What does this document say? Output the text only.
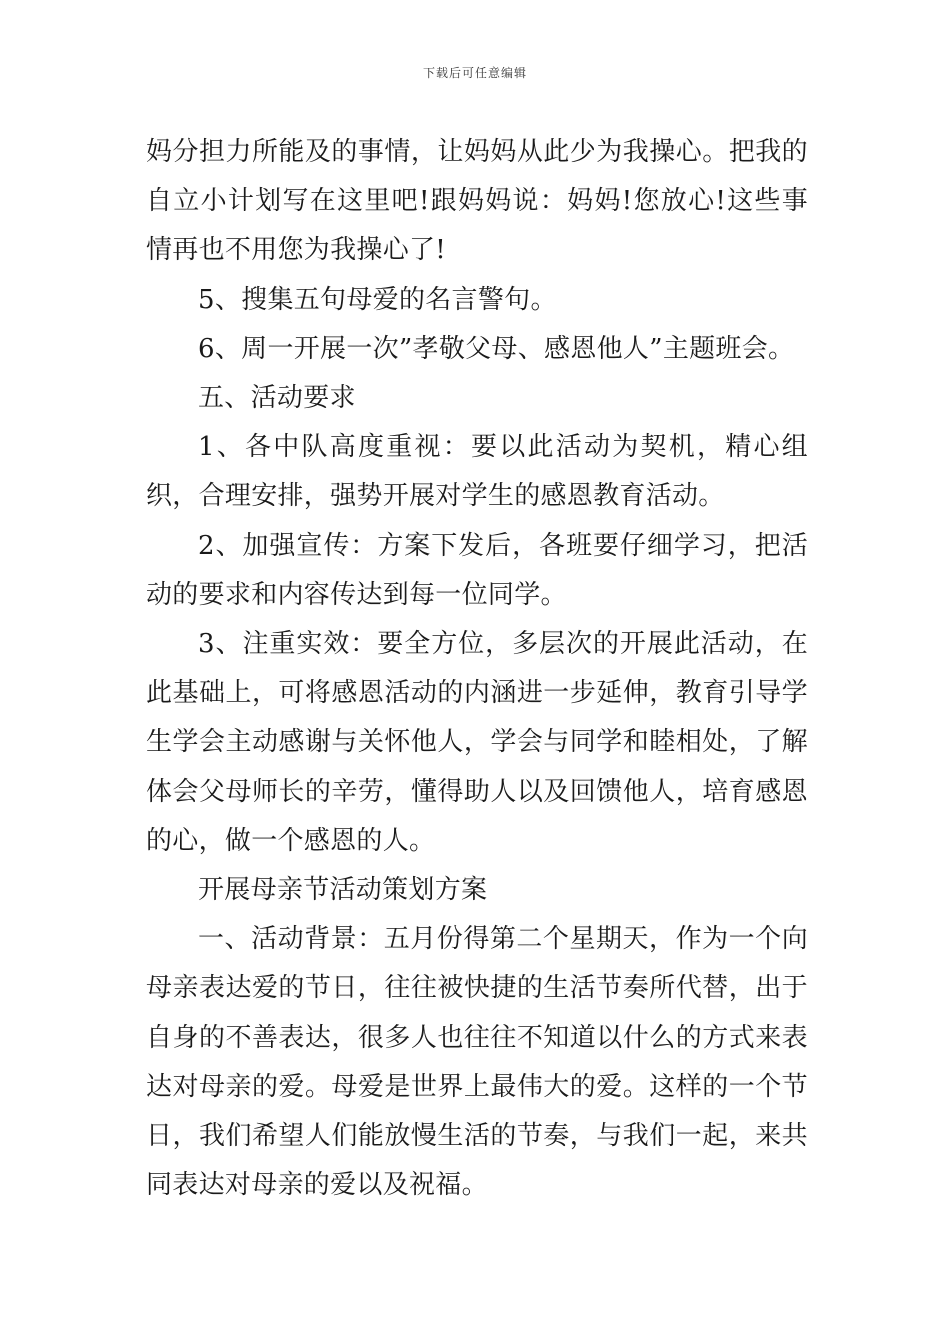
下载后可任意编辑

妈分担力所能及的事情，让妈妈从此少为我操心。把我的自立小计划写在这里吧!跟妈妈说：妈妈!您放心!这些事情再也不用您为我操心了!

5、搜集五句母爱的名言警句。

6、周一开展一次”孝敬父母、感恩他人”主题班会。

五、活动要求

1、各中队高度重视：要以此活动为契机，精心组织，合理安排，强势开展对学生的感恩教育活动。

2、加强宣传：方案下发后，各班要仔细学习，把活动的要求和内容传达到每一位同学。

3、注重实效：要全方位，多层次的开展此活动，在此基础上，可将感恩活动的内涵进一步延伸，教育引导学生学会主动感谢与关怀他人，学会与同学和睦相处，了解体会父母师长的辛劳，懂得助人以及回馈他人，培育感恩的心，做一个感恩的人。

开展母亲节活动策划方案

一、活动背景：五月份得第二个星期天，作为一个向母亲表达爱的节日，往往被快捷的生活节奏所代替，出于自身的不善表达，很多人也往往不知道以什么的方式来表达对母亲的爱。母爱是世界上最伟大的爱。这样的一个节日，我们希望人们能放慢生活的节奏，与我们一起，来共同表达对母亲的爱以及祝福。
